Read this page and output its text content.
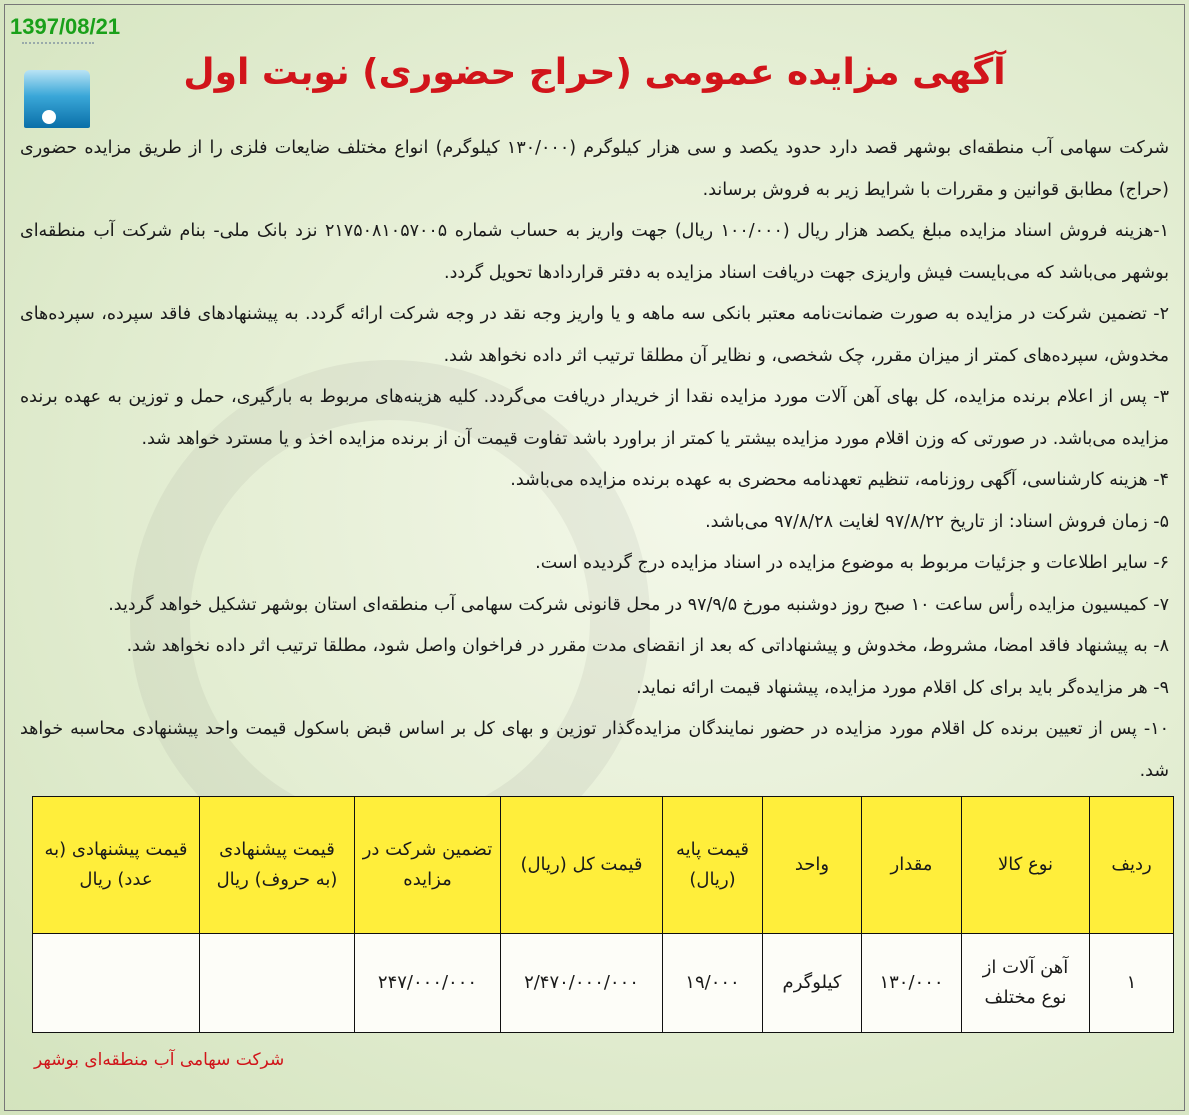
1397/08/21
آگهی مزایده عمومی (حراج حضوری) نوبت اول

شرکت سهامی آب منطقه‌ای بوشهر قصد دارد حدود یکصد و سی هزار کیلوگرم (۱۳۰/۰۰۰ کیلوگرم) انواع مختلف ضایعات فلزی را از طریق مزایده حضوری (حراج) مطابق قوانین و مقررات با شرایط زیر به فروش برساند.

۱-هزینه فروش اسناد مزایده مبلغ یکصد هزار ریال (۱۰۰/۰۰۰ ریال) جهت واریز به حساب شماره ۲۱۷۵۰۸۱۰۵۷۰۰۵ نزد بانک ملی- بنام شرکت آب منطقه‌ای بوشهر می‌باشد که می‌بایست فیش واریزی جهت دریافت اسناد مزایده به دفتر قراردادها تحویل گردد.

۲- تضمین شرکت در مزایده به صورت ضمانت‌نامه معتبر بانکی سه ماهه و یا واریز وجه نقد در وجه شرکت ارائه گردد. به پیشنهادهای فاقد سپرده، سپرده‌های مخدوش، سپرده‌های کمتر از میزان مقرر، چک شخصی، و نظایر آن مطلقا ترتیب اثر داده نخواهد شد.

۳- پس از اعلام برنده مزایده، کل بهای آهن آلات مورد مزایده نقدا از خریدار دریافت می‌گردد. کلیه هزینه‌های مربوط به بارگیری، حمل و توزین به عهده برنده مزایده می‌باشد. در صورتی که وزن اقلام مورد مزایده بیشتر یا کمتر از براورد باشد تفاوت قیمت آن از برنده مزایده اخذ و یا مسترد خواهد شد.

۴- هزینه کارشناسی، آگهی روزنامه، تنظیم تعهدنامه محضری به عهده برنده مزایده می‌باشد.

۵- زمان فروش اسناد: از تاریخ ۹۷/۸/۲۲ لغایت ۹۷/۸/۲۸ می‌باشد.

۶- سایر اطلاعات و جزئیات مربوط به موضوع مزایده در اسناد مزایده درج گردیده است.

۷- کمیسیون مزایده رأس ساعت ۱۰ صبح روز دوشنبه مورخ ۹۷/۹/۵ در محل قانونی شرکت سهامی آب منطقه‌ای استان بوشهر تشکیل خواهد گردید.

۸- به پیشنهاد فاقد امضا، مشروط، مخدوش و پیشنهاداتی که بعد از انقضای مدت مقرر در فراخوان واصل شود، مطلقا ترتیب اثر داده نخواهد شد.

۹- هر مزایده‌گر باید برای کل اقلام مورد مزایده، پیشنهاد قیمت ارائه نماید.

۱۰- پس از تعیین برنده کل اقلام مورد مزایده در حضور نمایندگان مزایده‌گذار توزین و بهای کل بر اساس قبض باسکول قیمت واحد پیشنهادی محاسبه خواهد شد.

ردیف	نوع کالا	مقدار	واحد	قیمت پایه (ریال)	قیمت کل (ریال)	تضمین شرکت در مزایده	قیمت پیشنهادی (به حروف) ریال	قیمت پیشنهادی (به عدد) ریال
۱	آهن آلات از نوع مختلف	۱۳۰/۰۰۰	کیلوگرم	۱۹/۰۰۰	۲/۴۷۰/۰۰۰/۰۰۰	۲۴۷/۰۰۰/۰۰۰		
شرکت سهامی آب منطقه‌ای بوشهر
